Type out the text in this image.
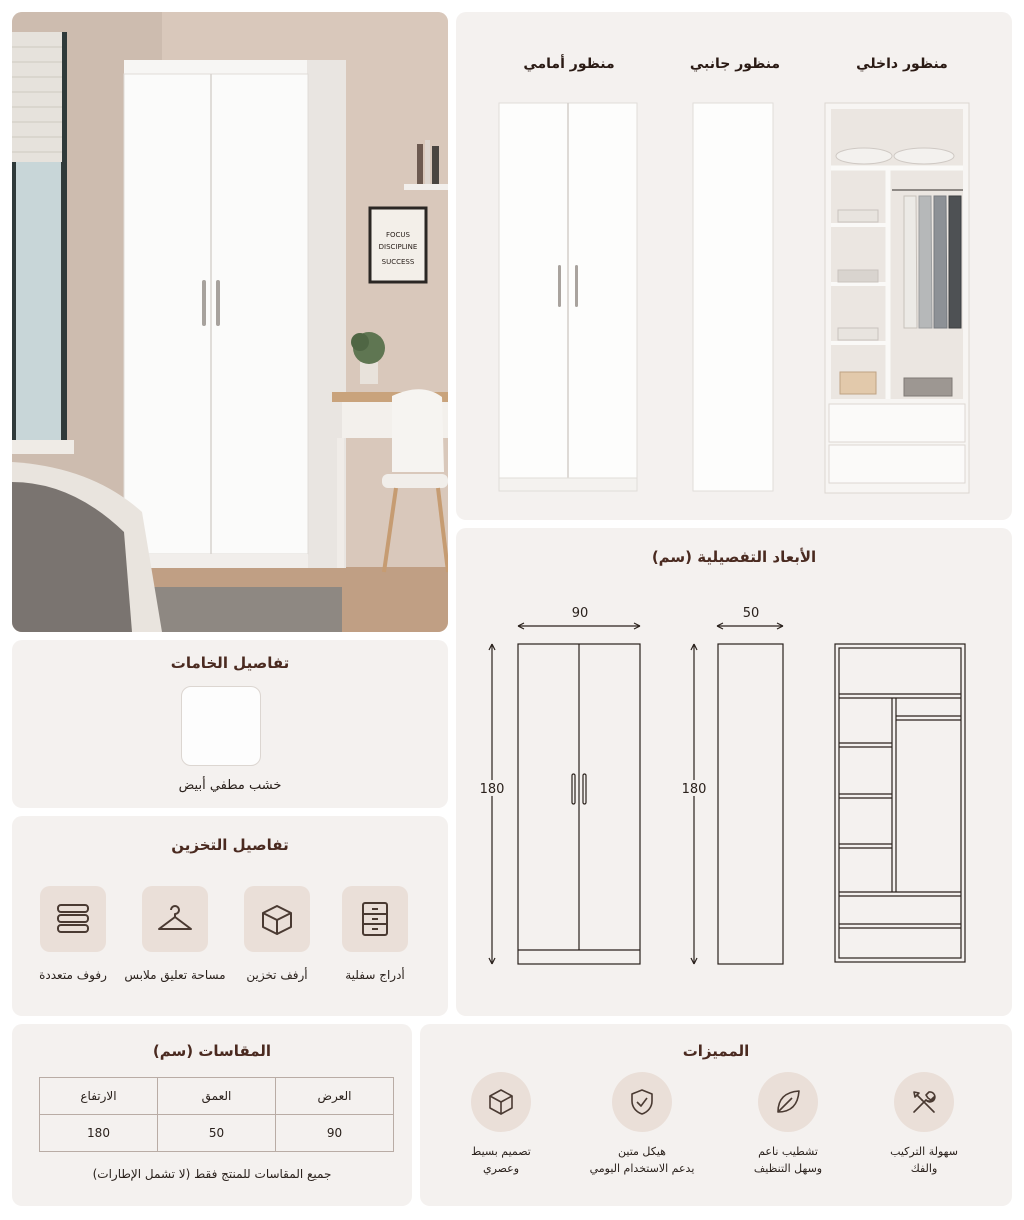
FOCUS
DISCIPLINE
SUCCESS
منظور أمامي	منظور جانبي	منظور داخلي
الأبعاد التفصيلية (سم)
90	50
180	180
تفاصيل الخامات
خشب مطفي أبيض
تفاصيل التخزين
رفوف متعددة	مساحة تعليق ملابس	أرفف تخزين	أدراج سفلية
المقاسات (سم)
الارتفاع	العمق	العرض
180	50	90
جميع المقاسات للمنتج فقط (لا تشمل الإطارات)
المميزات
تصميم بسيط
وعصري
هيكل متين
يدعم الاستخدام اليومي
تشطيب ناعم
وسهل التنظيف
سهولة التركيب
والفك
